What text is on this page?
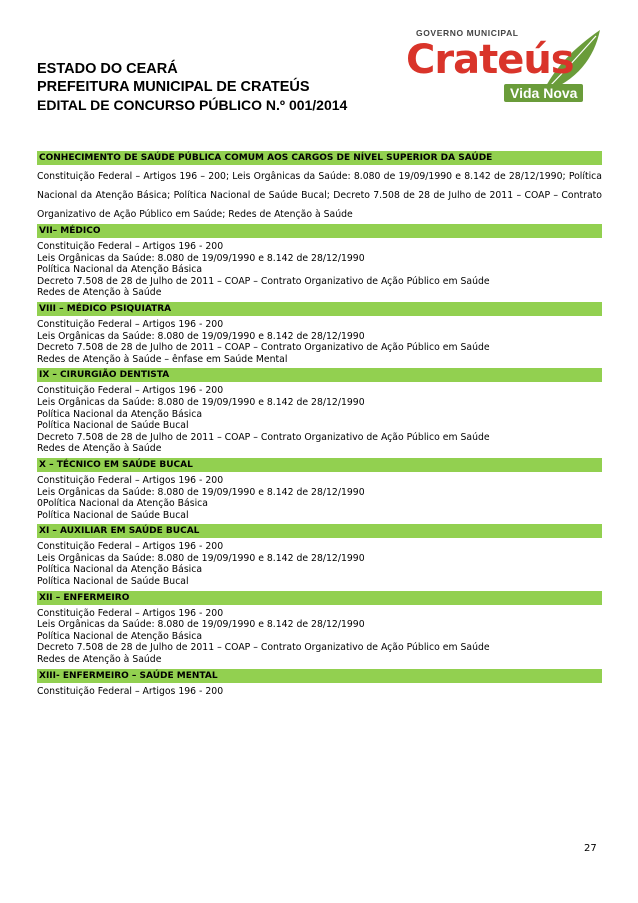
ESTADO DO CEARÁ
PREFEITURA MUNICIPAL DE CRATEÚS
EDITAL DE CONCURSO PÚBLICO N.º 001/2014
GOVERNO MUNICIPAL
Crateús
Vida Nova
CONHECIMENTO DE SAÚDE PÚBLICA COMUM AOS CARGOS DE NÍVEL SUPERIOR DA SAÚDE
Constituição Federal – Artigos 196 – 200; Leis Orgânicas da Saúde: 8.080 de 19/09/1990 e 8.142 de 28/12/1990; Política Nacional da Atenção Básica; Política Nacional de Saúde Bucal; Decreto 7.508 de 28 de Julho de 2011 – COAP – Contrato Organizativo de Ação Público em Saúde; Redes de Atenção à Saúde
VII– MÉDICO
Constituição Federal – Artigos 196 - 200
Leis Orgânicas da Saúde: 8.080 de 19/09/1990 e 8.142 de 28/12/1990
Política Nacional da Atenção Básica
Decreto 7.508 de 28 de Julho de 2011 – COAP – Contrato Organizativo de Ação Público em Saúde
Redes de Atenção à Saúde
VIII – MÉDICO PSIQUIATRA
Constituição Federal – Artigos 196 - 200
Leis Orgânicas da Saúde: 8.080 de 19/09/1990 e 8.142 de 28/12/1990
Decreto 7.508 de 28 de Julho de 2011 – COAP – Contrato Organizativo de Ação Público em Saúde
Redes de Atenção à Saúde – ênfase em Saúde Mental
IX – CIRURGIÃO DENTISTA
Constituição Federal – Artigos 196 - 200
Leis Orgânicas da Saúde: 8.080 de 19/09/1990 e 8.142 de 28/12/1990
Política Nacional da Atenção Básica
Política Nacional de Saúde Bucal
Decreto 7.508 de 28 de Julho de 2011 – COAP – Contrato Organizativo de Ação Público em Saúde
Redes de Atenção à Saúde
X – TÉCNICO EM SAÚDE BUCAL
Constituição Federal – Artigos 196 - 200
Leis Orgânicas da Saúde: 8.080 de 19/09/1990 e 8.142 de 28/12/1990
0Política Nacional da Atenção Básica
Política Nacional de Saúde Bucal
XI – AUXILIAR EM SAÚDE BUCAL
Constituição Federal – Artigos 196 - 200
Leis Orgânicas da Saúde: 8.080 de 19/09/1990 e 8.142 de 28/12/1990
Política Nacional da Atenção Básica
Política Nacional de Saúde Bucal
XII – ENFERMEIRO
Constituição Federal – Artigos 196 - 200
Leis Orgânicas da Saúde: 8.080 de 19/09/1990 e 8.142 de 28/12/1990
Política Nacional de Atenção Básica
Decreto 7.508 de 28 de Julho de 2011 – COAP – Contrato Organizativo de Ação Público em Saúde
Redes de Atenção à Saúde
XIII- ENFERMEIRO – SAÚDE MENTAL
Constituição Federal – Artigos 196 - 200
27
